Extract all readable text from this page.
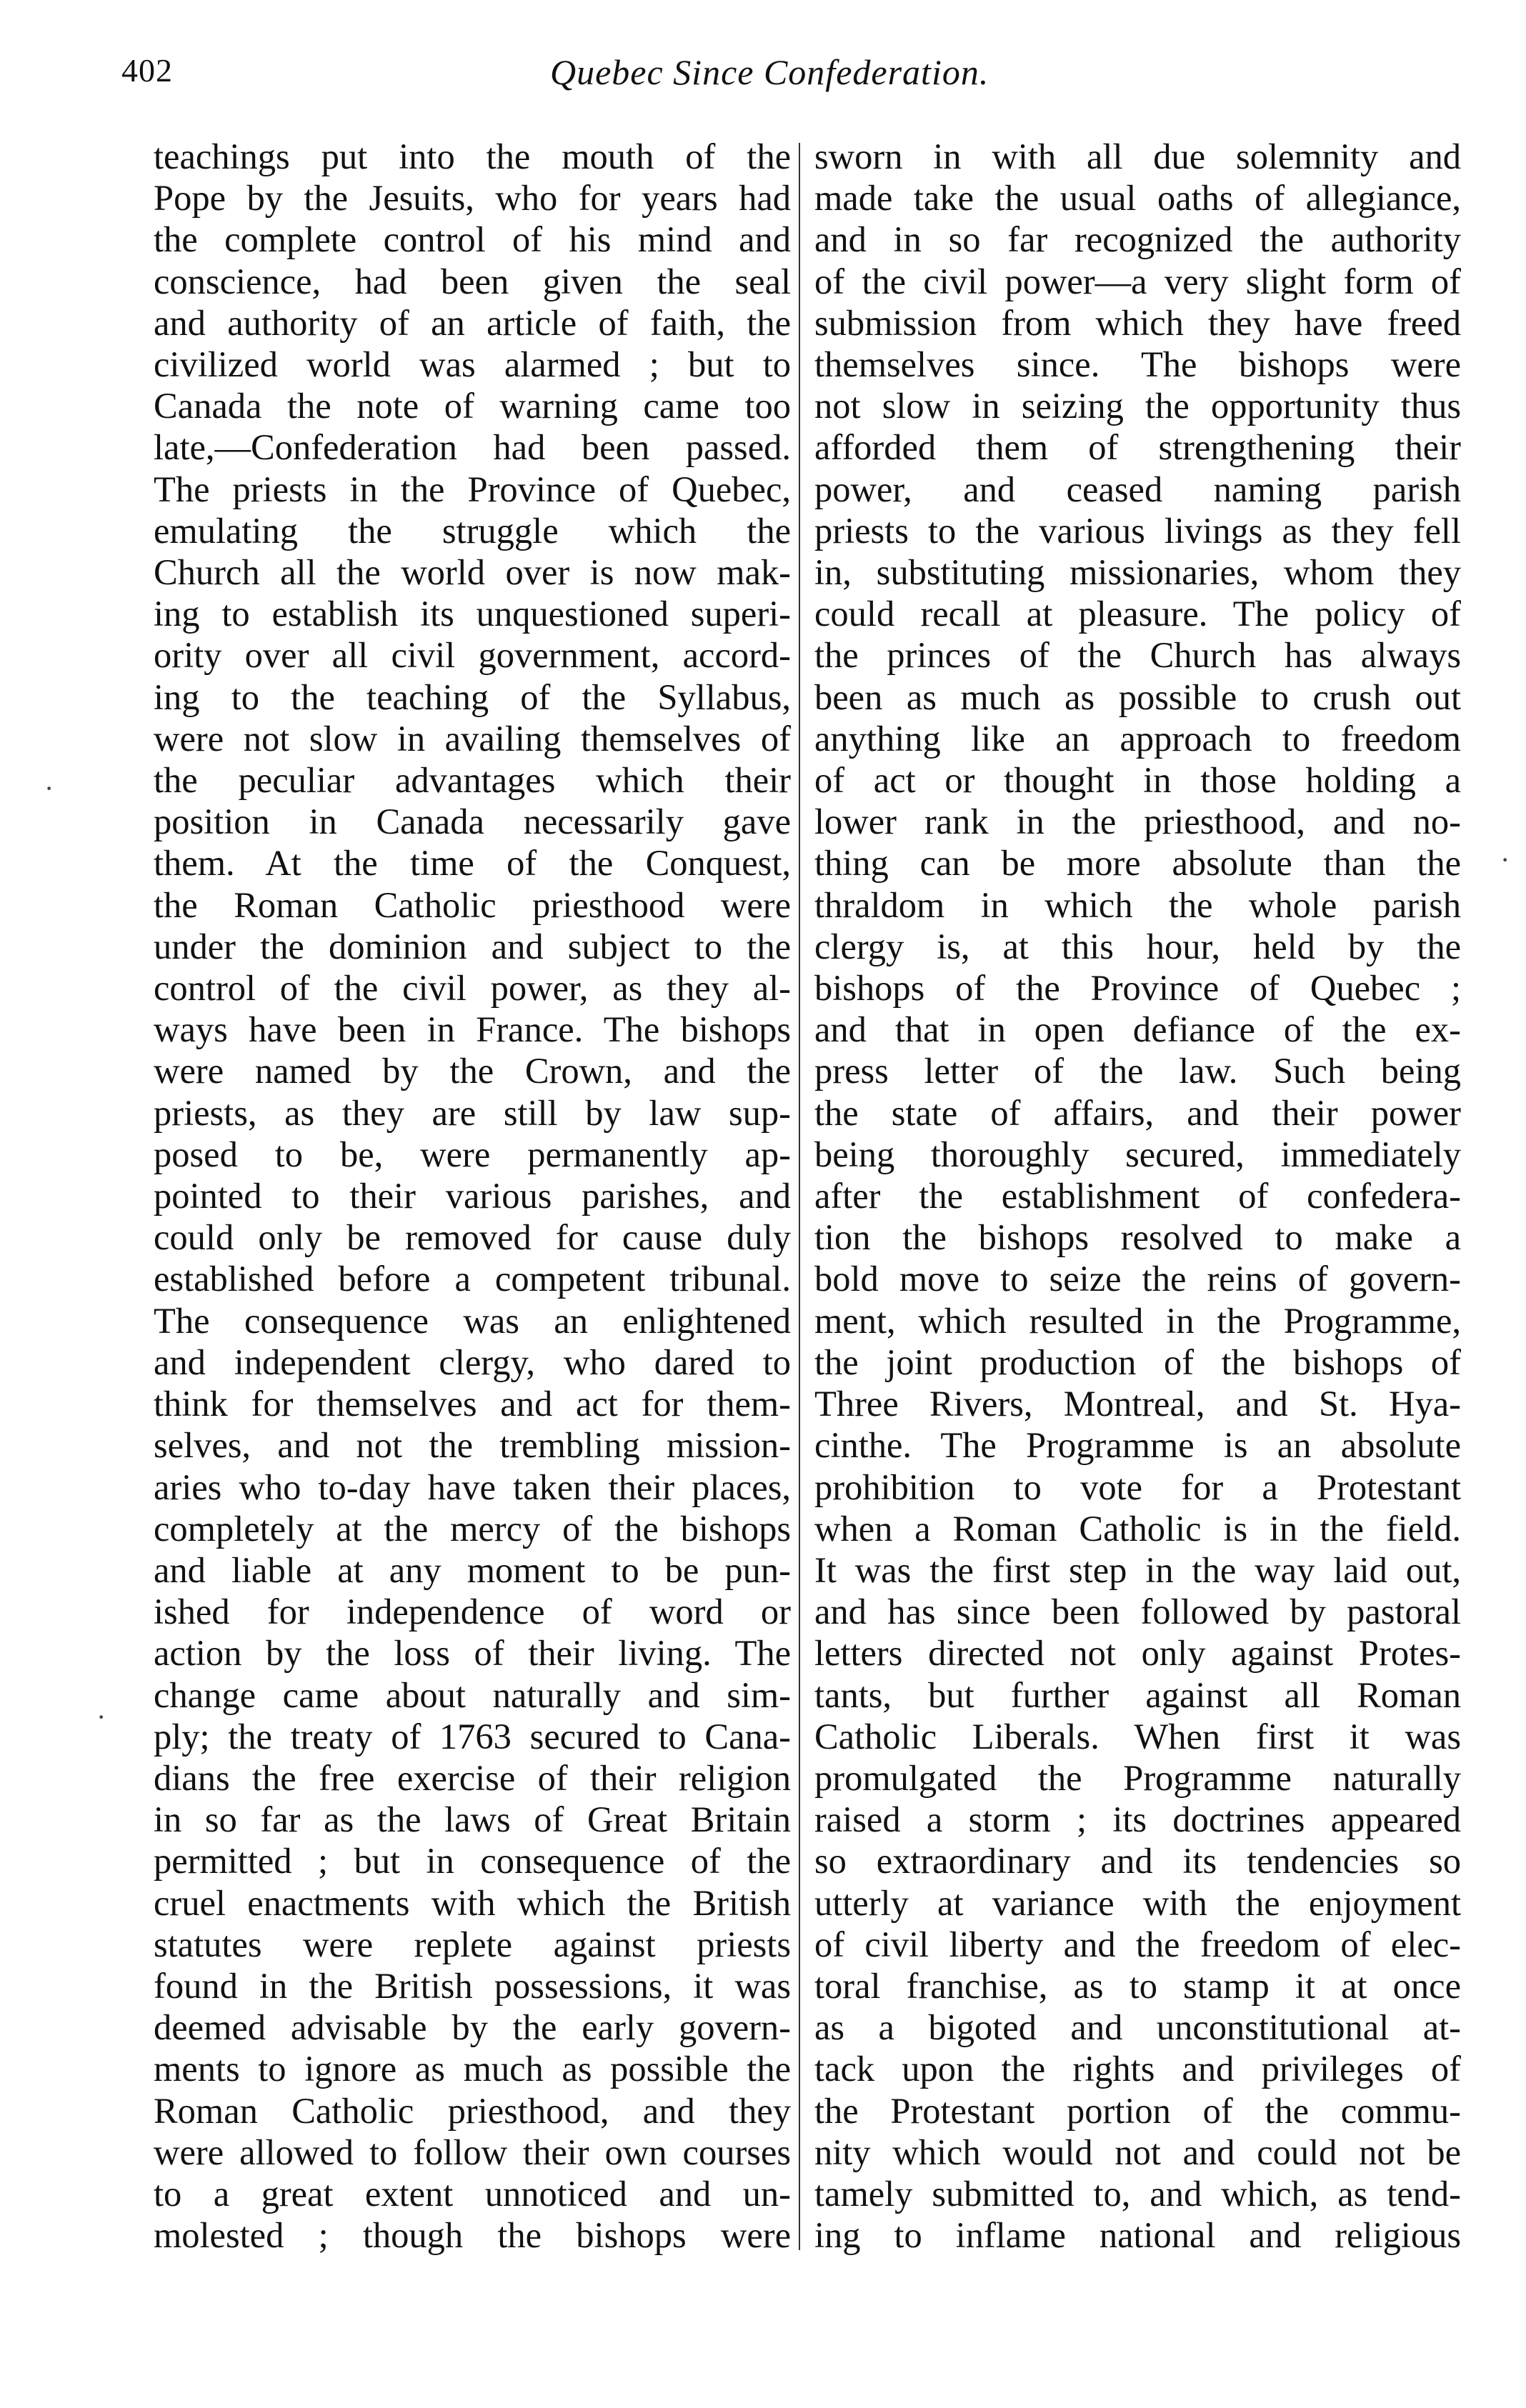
402	Quebec Since Confederation.
teachings put into the mouth of the
Pope by the Jesuits, who for years had
the complete control of his mind and
conscience, had been given the seal
and authority of an article of faith, the
civilized world was alarmed ; but to
Canada the note of warning came too
late,—Confederation had been passed.
The priests in the Province of Quebec,
emulating the struggle which the
Church all the world over is now mak-
ing to establish its unquestioned superi-
ority over all civil government, accord-
ing to the teaching of the Syllabus,
were not slow in availing themselves of
the peculiar advantages which their
position in Canada necessarily gave
them. At the time of the Conquest,
the Roman Catholic priesthood were
under the dominion and subject to the
control of the civil power, as they al-
ways have been in France. The bishops
were named by the Crown, and the
priests, as they are still by law sup-
posed to be, were permanently ap-
pointed to their various parishes, and
could only be removed for cause duly
established before a competent tribunal.
The consequence was an enlightened
and independent clergy, who dared to
think for themselves and act for them-
selves, and not the trembling mission-
aries who to-day have taken their places,
completely at the mercy of the bishops
and liable at any moment to be pun-
ished for independence of word or
action by the loss of their living. The
change came about naturally and sim-
ply; the treaty of 1763 secured to Cana-
dians the free exercise of their religion
in so far as the laws of Great Britain
permitted ; but in consequence of the
cruel enactments with which the British
statutes were replete against priests
found in the British possessions, it was
deemed advisable by the early govern-
ments to ignore as much as possible the
Roman Catholic priesthood, and they
were allowed to follow their own courses
to a great extent unnoticed and un-
molested ; though the bishops were
sworn in with all due solemnity and
made take the usual oaths of allegiance,
and in so far recognized the authority
of the civil power—a very slight form of
submission from which they have freed
themselves since. The bishops were
not slow in seizing the opportunity thus
afforded them of strengthening their
power, and ceased naming parish
priests to the various livings as they fell
in, substituting missionaries, whom they
could recall at pleasure. The policy of
the princes of the Church has always
been as much as possible to crush out
anything like an approach to freedom
of act or thought in those holding a
lower rank in the priesthood, and no-
thing can be more absolute than the
thraldom in which the whole parish
clergy is, at this hour, held by the
bishops of the Province of Quebec ;
and that in open defiance of the ex-
press letter of the law. Such being
the state of affairs, and their power
being thoroughly secured, immediately
after the establishment of confedera-
tion the bishops resolved to make a
bold move to seize the reins of govern-
ment, which resulted in the Programme,
the joint production of the bishops of
Three Rivers, Montreal, and St. Hya-
cinthe. The Programme is an absolute
prohibition to vote for a Protestant
when a Roman Catholic is in the field.
It was the first step in the way laid out,
and has since been followed by pastoral
letters directed not only against Protes-
tants, but further against all Roman
Catholic Liberals. When first it was
promulgated the Programme naturally
raised a storm ; its doctrines appeared
so extraordinary and its tendencies so
utterly at variance with the enjoyment
of civil liberty and the freedom of elec-
toral franchise, as to stamp it at once
as a bigoted and unconstitutional at-
tack upon the rights and privileges of
the Protestant portion of the commu-
nity which would not and could not be
tamely submitted to, and which, as tend-
ing to inflame national and religious
·
·
·
